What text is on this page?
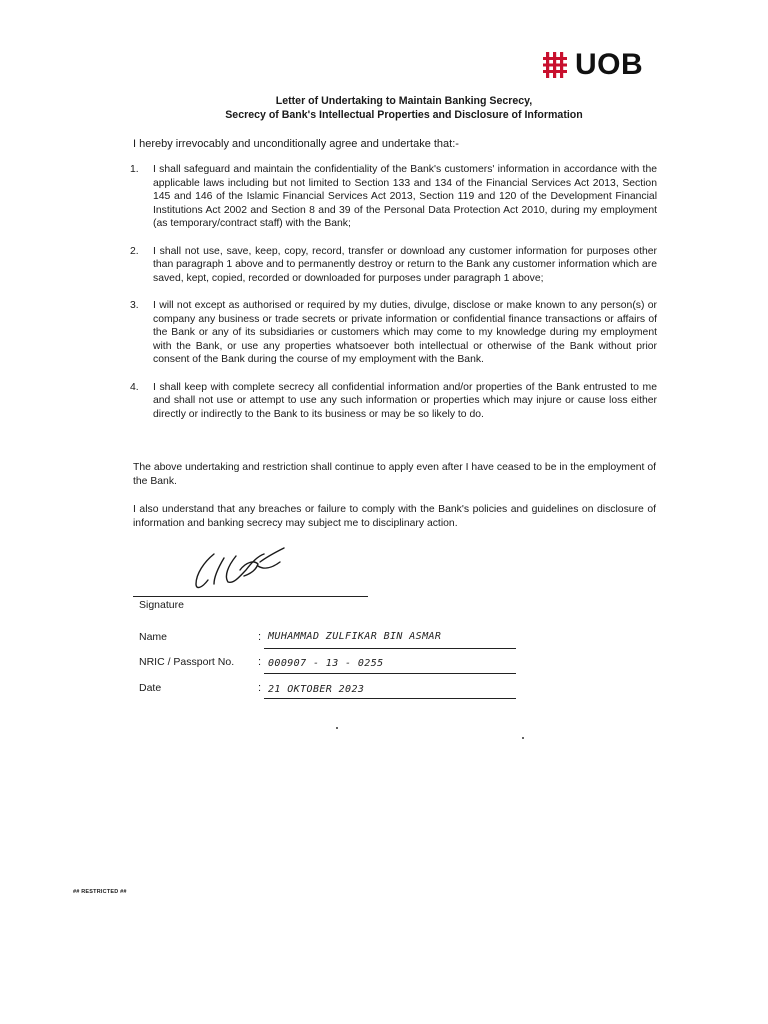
UOB
Letter of Undertaking to Maintain Banking Secrecy,
Secrecy of Bank's Intellectual Properties and Disclosure of Information
I hereby irrevocably and unconditionally agree and undertake that:-
1.	I shall safeguard and maintain the confidentiality of the Bank's customers' information in accordance with the applicable laws including but not limited to Section 133 and 134 of the Financial Services Act 2013, Section 145 and 146 of the Islamic Financial Services Act 2013, Section 119 and 120 of the Development Financial Institutions Act 2002 and Section 8 and 39 of the Personal Data Protection Act 2010, during my employment (as temporary/contract staff) with the Bank;
2.	I shall not use, save, keep, copy, record, transfer or download any customer information for purposes other than paragraph 1 above and to permanently destroy or return to the Bank any customer information which are saved, kept, copied, recorded or downloaded for purposes under paragraph 1 above;
3.	I will not except as authorised or required by my duties, divulge, disclose or make known to any person(s) or company any business or trade secrets or private information or confidential finance transactions or affairs of the Bank or any of its subsidiaries or customers which may come to my knowledge during my employment with the Bank, or use any properties whatsoever both intellectual or otherwise of the Bank without prior consent of the Bank during the course of my employment with the Bank.
4.	I shall keep with complete secrecy all confidential information and/or properties of the Bank entrusted to me and shall not use or attempt to use any such information or properties which may injure or cause loss either directly or indirectly to the Bank to its business or may be so likely to do.
The above undertaking and restriction shall continue to apply even after I have ceased to be in the employment of the Bank.
I also understand that any breaches or failure to comply with the Bank's policies and guidelines on disclosure of information and banking secrecy may subject me to disciplinary action.
Signature
Name	: MUHAMMAD ZULFIKAR BIN ASMAR
NRIC / Passport No. : 000907 - 13 - 0255
Date	: 21 OKTOBER 2023
## RESTRICTED ##
